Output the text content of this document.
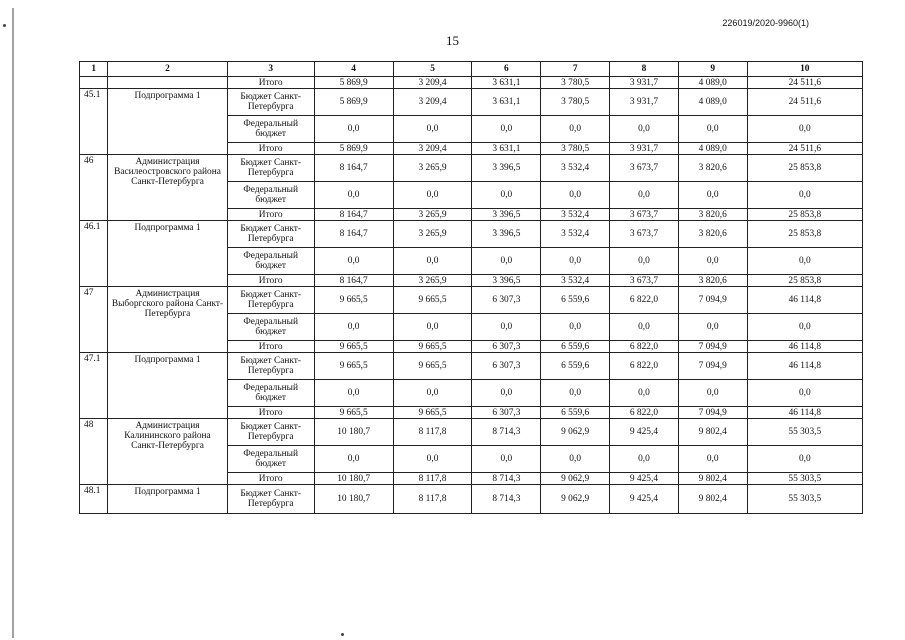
226019/2020-9960(1)
15
1	2	3	4	5	6	7	8	9	10
		Итого	5 869,9	3 209,4	3 631,1	3 780,5	3 931,7	4 089,0	24 511,6
45.1	Подпрограмма 1	Бюджет Санкт-Петербурга	5 869,9	3 209,4	3 631,1	3 780,5	3 931,7	4 089,0	24 511,6
		Федеральный бюджет	0,0	0,0	0,0	0,0	0,0	0,0	0,0
		Итого	5 869,9	3 209,4	3 631,1	3 780,5	3 931,7	4 089,0	24 511,6
46	Администрация Василеостровского района Санкт-Петербурга	Бюджет Санкт-Петербурга	8 164,7	3 265,9	3 396,5	3 532,4	3 673,7	3 820,6	25 853,8
		Федеральный бюджет	0,0	0,0	0,0	0,0	0,0	0,0	0,0
		Итого	8 164,7	3 265,9	3 396,5	3 532,4	3 673,7	3 820,6	25 853,8
46.1	Подпрограмма 1	Бюджет Санкт-Петербурга	8 164,7	3 265,9	3 396,5	3 532,4	3 673,7	3 820,6	25 853,8
		Федеральный бюджет	0,0	0,0	0,0	0,0	0,0	0,0	0,0
		Итого	8 164,7	3 265,9	3 396,5	3 532,4	3 673,7	3 820,6	25 853,8
47	Администрация Выборгского района Санкт-Петербурга	Бюджет Санкт-Петербурга	9 665,5	9 665,5	6 307,3	6 559,6	6 822,0	7 094,9	46 114,8
		Федеральный бюджет	0,0	0,0	0,0	0,0	0,0	0,0	0,0
		Итого	9 665,5	9 665,5	6 307,3	6 559,6	6 822,0	7 094,9	46 114,8
47.1	Подпрограмма 1	Бюджет Санкт-Петербурга	9 665,5	9 665,5	6 307,3	6 559,6	6 822,0	7 094,9	46 114,8
		Федеральный бюджет	0,0	0,0	0,0	0,0	0,0	0,0	0,0
		Итого	9 665,5	9 665,5	6 307,3	6 559,6	6 822,0	7 094,9	46 114,8
48	Администрация Калининского района Санкт-Петербурга	Бюджет Санкт-Петербурга	10 180,7	8 117,8	8 714,3	9 062,9	9 425,4	9 802,4	55 303,5
		Федеральный бюджет	0,0	0,0	0,0	0,0	0,0	0,0	0,0
		Итого	10 180,7	8 117,8	8 714,3	9 062,9	9 425,4	9 802,4	55 303,5
48.1	Подпрограмма 1	Бюджет Санкт-Петербурга	10 180,7	8 117,8	8 714,3	9 062,9	9 425,4	9 802,4	55 303,5
